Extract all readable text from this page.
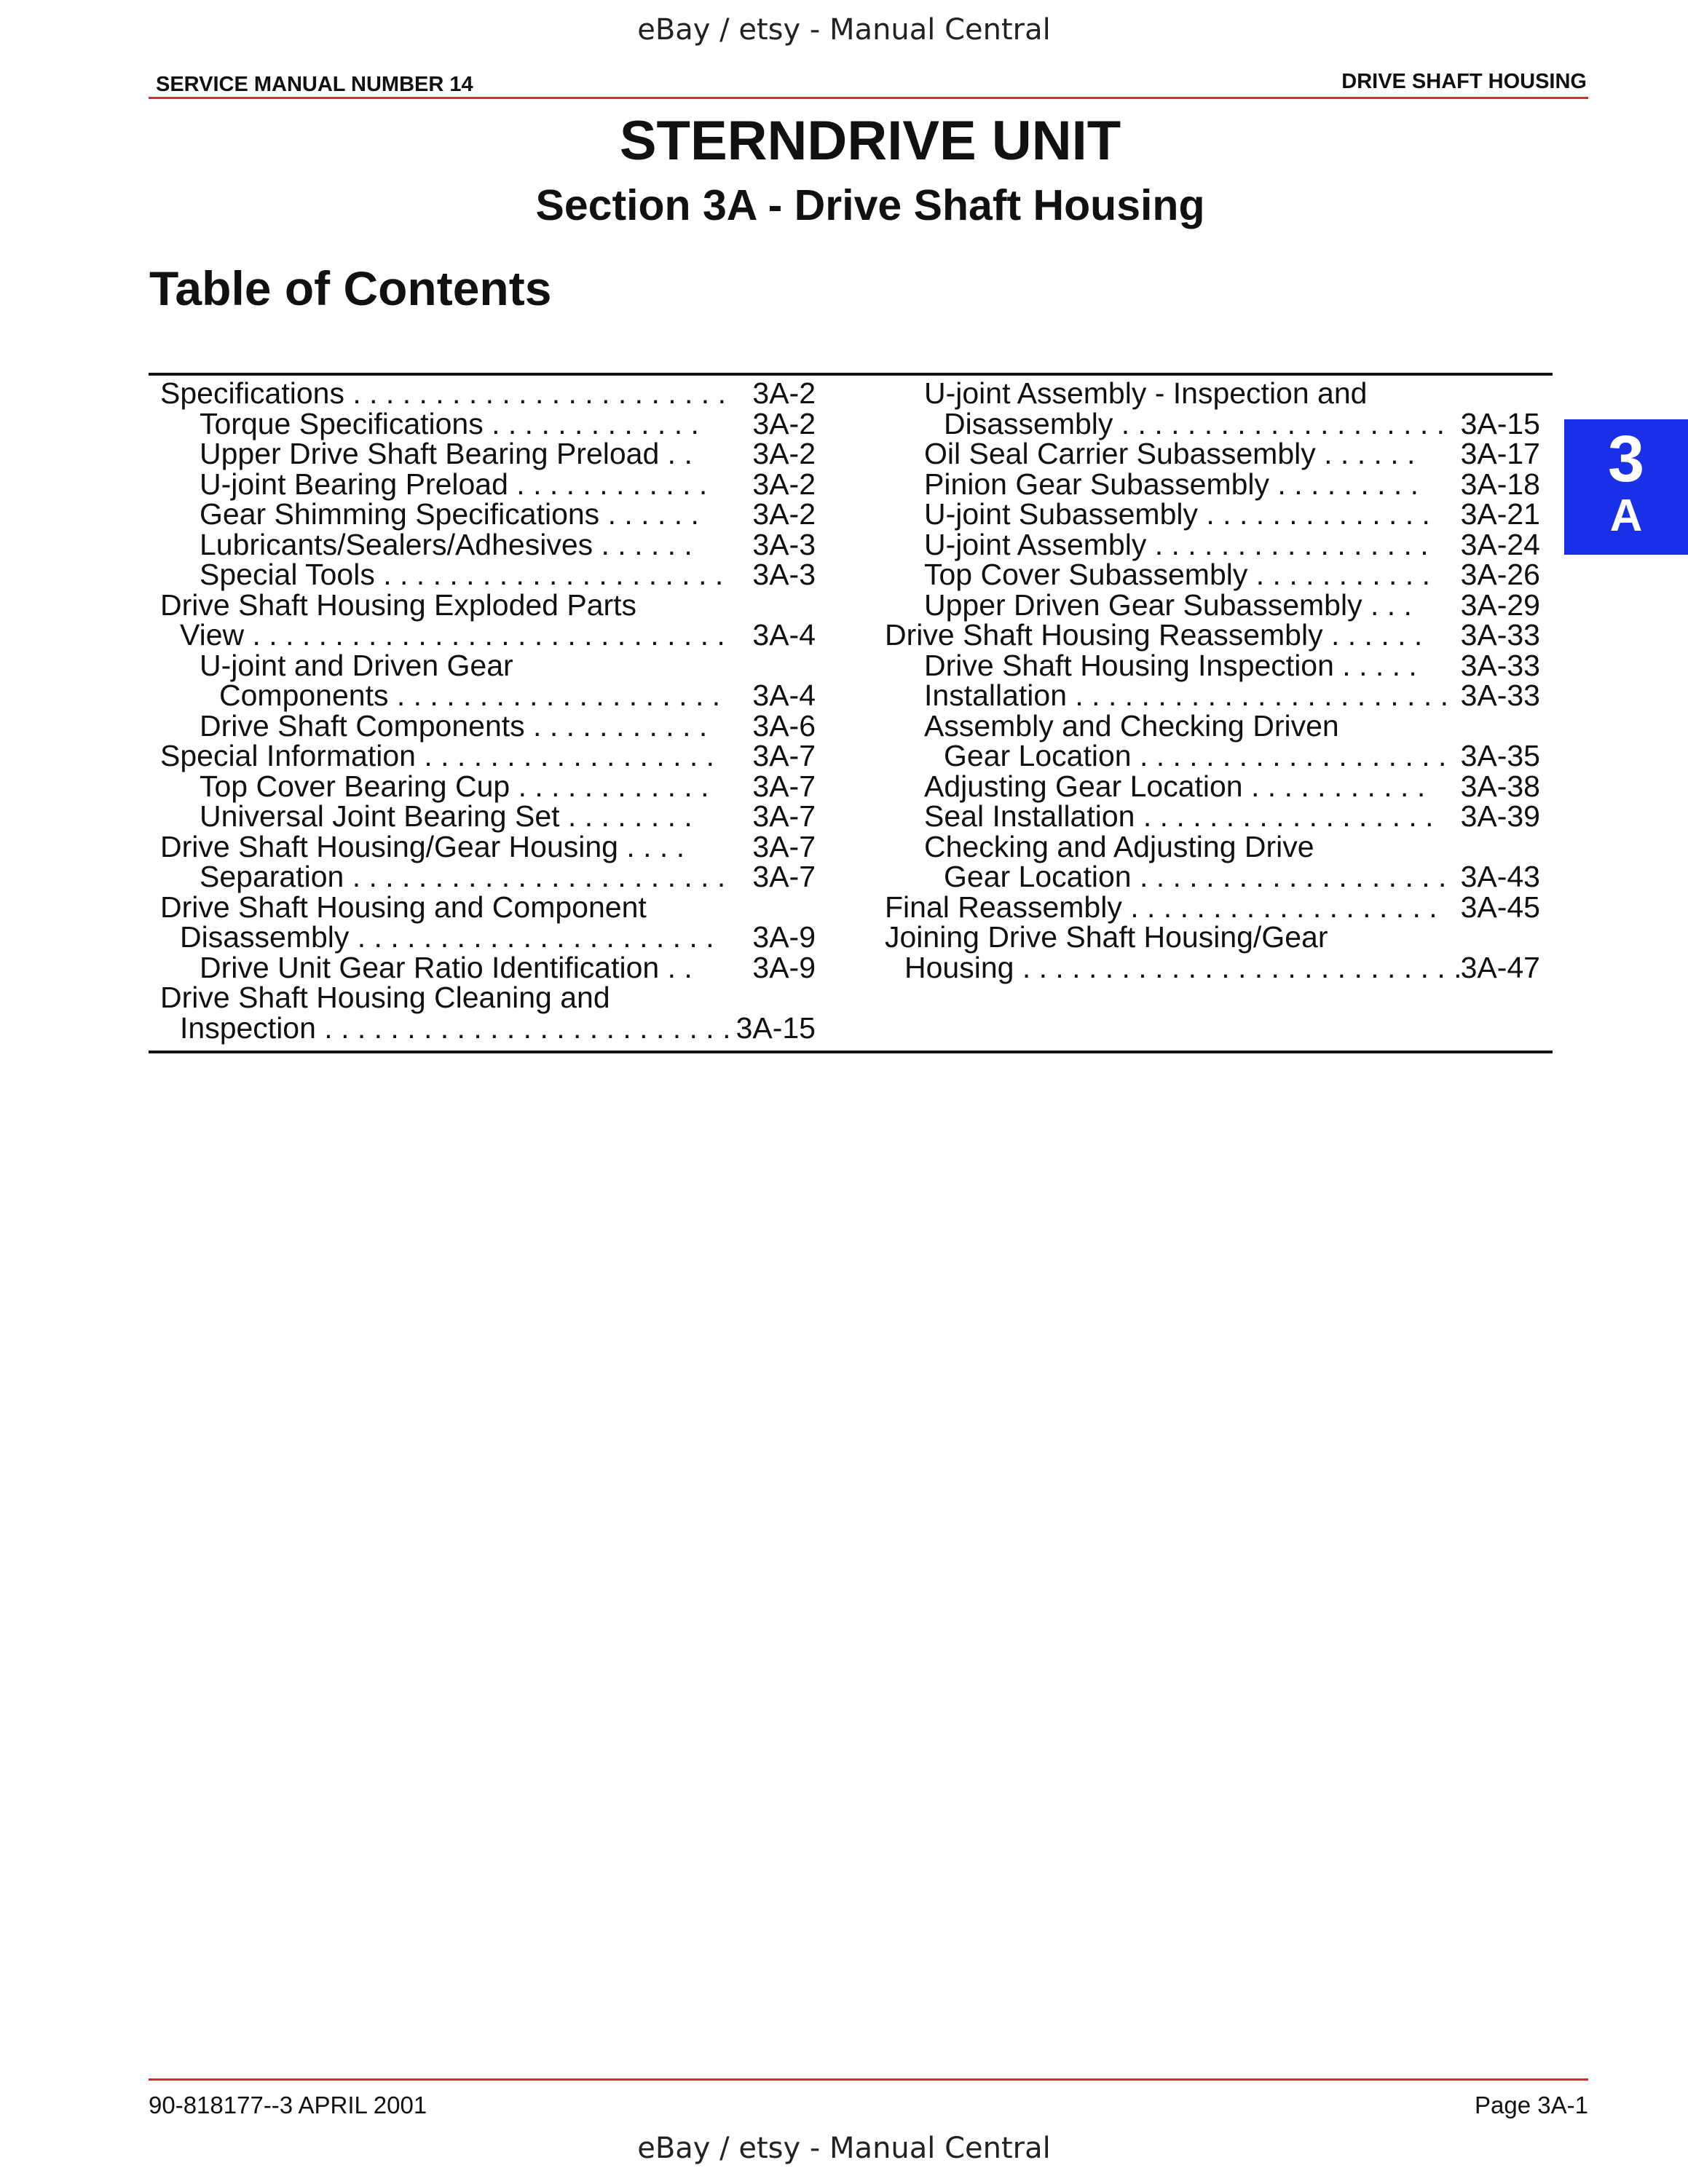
eBay / etsy - Manual Central
SERVICE MANUAL NUMBER 14	DRIVE SHAFT HOUSING
STERNDRIVE UNIT
Section 3A - Drive Shaft Housing
Table of Contents
Specifications . . . . . . . . . . . . . . . . . . . . . . . 3A-2
Torque Specifications . . . . . . . . . . . . . 3A-2
Upper Drive Shaft Bearing Preload . . 3A-2
U-joint Bearing Preload . . . . . . . . . . . . 3A-2
Gear Shimming Specifications . . . . . . 3A-2
Lubricants/Sealers/Adhesives . . . . . . 3A-3
Special Tools . . . . . . . . . . . . . . . . . . . . . 3A-3
Drive Shaft Housing Exploded Parts
View . . . . . . . . . . . . . . . . . . . . . . . . . . . . . 3A-4
U-joint and Driven Gear
Components . . . . . . . . . . . . . . . . . . . . 3A-4
Drive Shaft Components . . . . . . . . . . . 3A-6
Special Information . . . . . . . . . . . . . . . . . . 3A-7
Top Cover Bearing Cup . . . . . . . . . . . . 3A-7
Universal Joint Bearing Set . . . . . . . . 3A-7
Drive Shaft Housing/Gear Housing . . . . 3A-7
Separation . . . . . . . . . . . . . . . . . . . . . . . 3A-7
Drive Shaft Housing and Component
Disassembly . . . . . . . . . . . . . . . . . . . . . . 3A-9
Drive Unit Gear Ratio Identification . . 3A-9
Drive Shaft Housing Cleaning and
Inspection . . . . . . . . . . . . . . . . . . . . . . . . . 3A-15
U-joint Assembly - Inspection and
Disassembly . . . . . . . . . . . . . . . . . . . . 3A-15
Oil Seal Carrier Subassembly . . . . . . 3A-17
Pinion Gear Subassembly . . . . . . . . . 3A-18
U-joint Subassembly . . . . . . . . . . . . . . 3A-21
U-joint Assembly . . . . . . . . . . . . . . . . . 3A-24
Top Cover Subassembly . . . . . . . . . . . 3A-26
Upper Driven Gear Subassembly . . . 3A-29
Drive Shaft Housing Reassembly . . . . . . 3A-33
Drive Shaft Housing Inspection . . . . . 3A-33
Installation . . . . . . . . . . . . . . . . . . . . . . . 3A-33
Assembly and Checking Driven
Gear Location . . . . . . . . . . . . . . . . . . . 3A-35
Adjusting Gear Location . . . . . . . . . . . 3A-38
Seal Installation . . . . . . . . . . . . . . . . . . 3A-39
Checking and Adjusting Drive
Gear Location . . . . . . . . . . . . . . . . . . . 3A-43
Final Reassembly . . . . . . . . . . . . . . . . . . . 3A-45
Joining Drive Shaft Housing/Gear
Housing . . . . . . . . . . . . . . . . . . . . . . . . . . .
3A-47
3
A
90-818177--3 APRIL 2001	Page 3A-1
eBay / etsy - Manual Central
